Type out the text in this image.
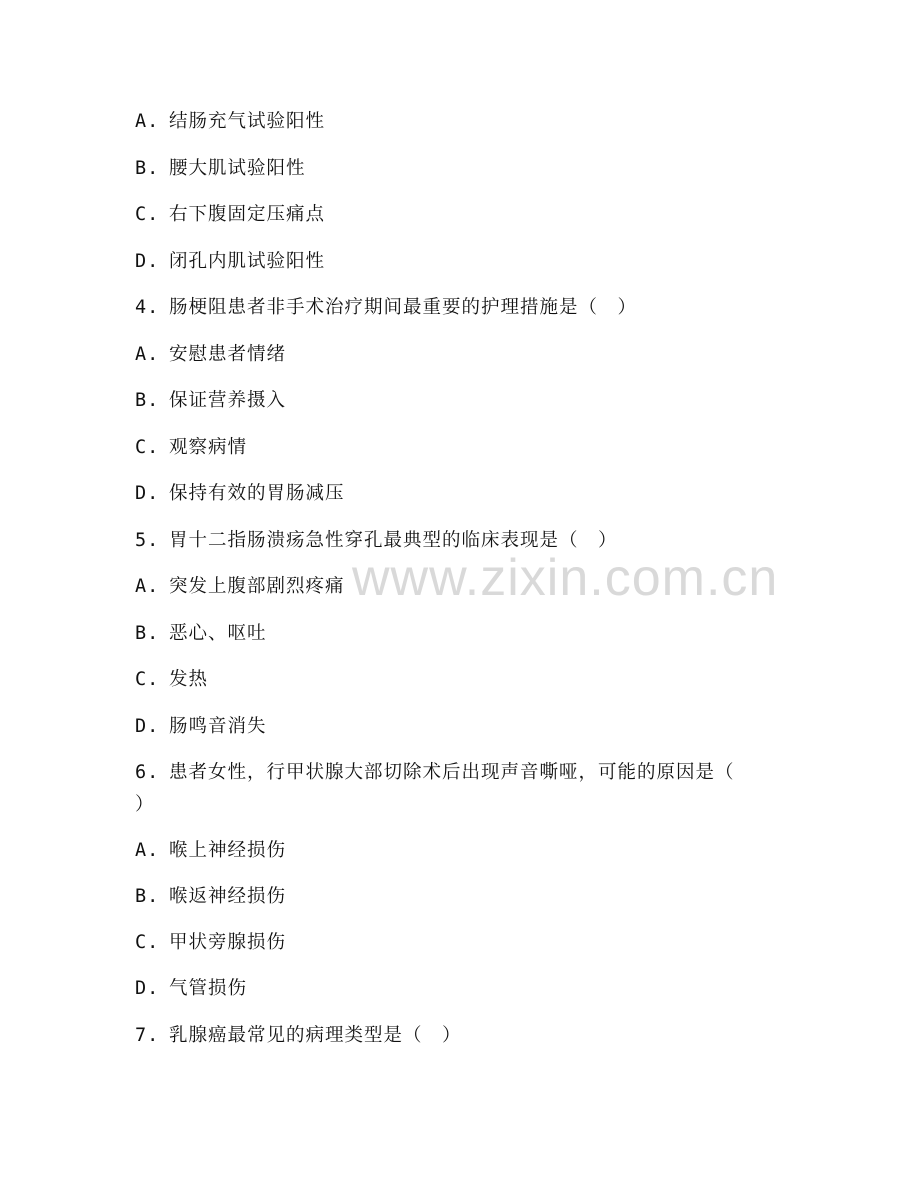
www.zixin.com.cn
A. 结肠充气试验阳性
B. 腰大肌试验阳性
C. 右下腹固定压痛点
D. 闭孔内肌试验阳性
4. 肠梗阻患者非手术治疗期间最重要的护理措施是（　）
A. 安慰患者情绪
B. 保证营养摄入
C. 观察病情
D. 保持有效的胃肠减压
5. 胃十二指肠溃疡急性穿孔最典型的临床表现是（　）
A. 突发上腹部剧烈疼痛
B. 恶心、呕吐
C. 发热
D. 肠鸣音消失
6. 患者女性，行甲状腺大部切除术后出现声音嘶哑，可能的原因是（
）
A. 喉上神经损伤
B. 喉返神经损伤
C. 甲状旁腺损伤
D. 气管损伤
7. 乳腺癌最常见的病理类型是（　）
